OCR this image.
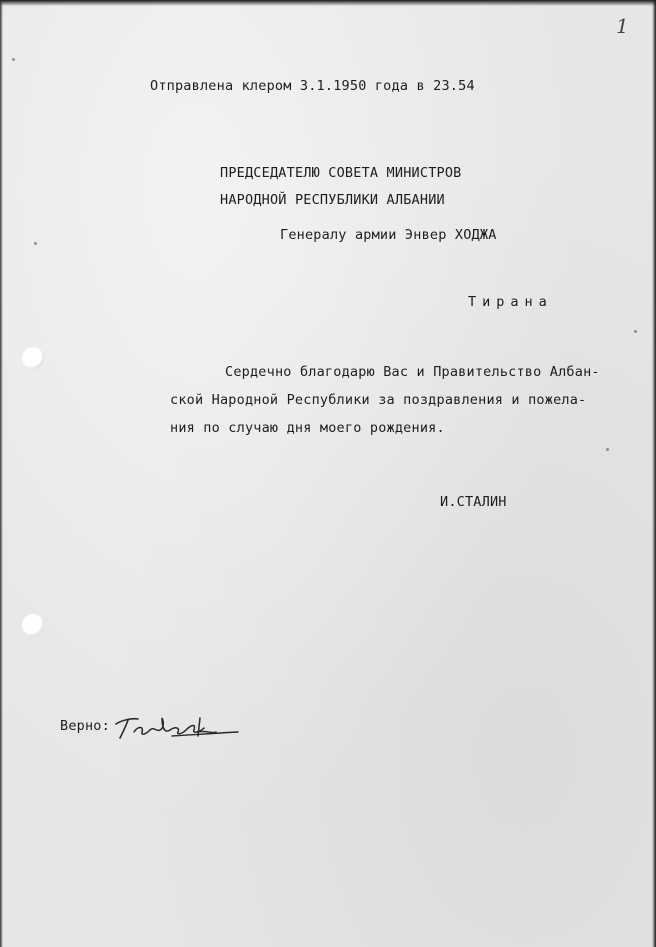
1
Отправлена клером 3.1.1950 года в 23.54
ПРЕДСЕДАТЕЛЮ СОВЕТА МИНИСТРОВ
НАРОДНОЙ РЕСПУБЛИКИ АЛБАНИИ
Генералу армии Энвер ХОДЖА
Тирана
Сердечно благодарю Вас и Правительство Албан-
ской Народной Республики за поздравления и пожела-
ния по случаю дня моего рождения.
И.СТАЛИН
Верно:
